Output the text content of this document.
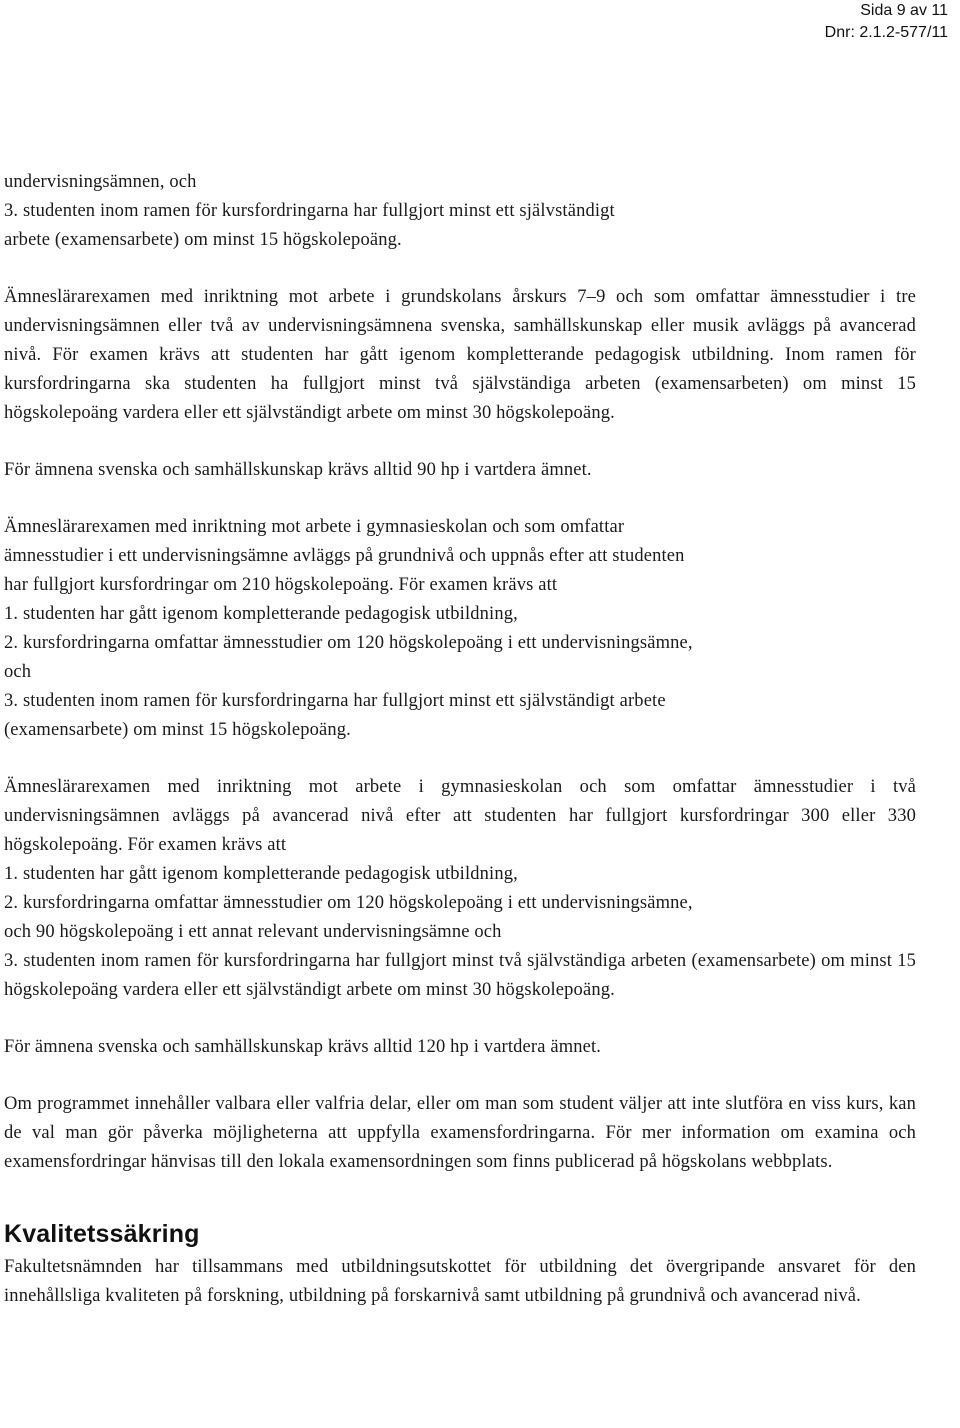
Sida 9 av 11
Dnr: 2.1.2-577/11

undervisningsämnen, och
3. studenten inom ramen för kursfordringarna har fullgjort minst ett självständigt
arbete (examensarbete) om minst 15 högskolepoäng.

Ämneslärarexamen med inriktning mot arbete i grundskolans årskurs 7–9 och som omfattar ämnesstudier i tre undervisningsämnen eller två av undervisningsämnena svenska, samhällskunskap eller musik avläggs på avancerad nivå. För examen krävs att studenten har gått igenom kompletterande pedagogisk utbildning. Inom ramen för kursfordringarna ska studenten ha fullgjort minst två självständiga arbeten (examensarbeten) om minst 15 högskolepoäng vardera eller ett självständigt arbete om minst 30 högskolepoäng.

För ämnena svenska och samhällskunskap krävs alltid 90 hp i vartdera ämnet.

Ämneslärarexamen med inriktning mot arbete i gymnasieskolan och som omfattar
ämnesstudier i ett undervisningsämne avläggs på grundnivå och uppnås efter att studenten
har fullgjort kursfordringar om 210 högskolepoäng. För examen krävs att
1. studenten har gått igenom kompletterande pedagogisk utbildning,
2. kursfordringarna omfattar ämnesstudier om 120 högskolepoäng i ett undervisningsämne,
och
3. studenten inom ramen för kursfordringarna har fullgjort minst ett självständigt arbete
(examensarbete) om minst 15 högskolepoäng.

Ämneslärarexamen med inriktning mot arbete i gymnasieskolan och som omfattar ämnesstudier i två undervisningsämnen avläggs på avancerad nivå efter att studenten har fullgjort kursfordringar 300 eller 330 högskolepoäng. För examen krävs att

1. studenten har gått igenom kompletterande pedagogisk utbildning,
2. kursfordringarna omfattar ämnesstudier om 120 högskolepoäng i ett undervisningsämne,
och 90 högskolepoäng i ett annat relevant undervisningsämne och

3. studenten inom ramen för kursfordringarna har fullgjort minst två självständiga arbeten (examensarbete) om minst 15 högskolepoäng vardera eller ett självständigt arbete om minst 30 högskolepoäng.

För ämnena svenska och samhällskunskap krävs alltid 120 hp i vartdera ämnet.

Om programmet innehåller valbara eller valfria delar, eller om man som student väljer att inte slutföra en viss kurs, kan de val man gör påverka möjligheterna att uppfylla examensfordringarna. För mer information om examina och examensfordringar hänvisas till den lokala examensordningen som finns publicerad på högskolans webbplats.

Kvalitetssäkring

Fakultetsnämnden har tillsammans med utbildningsutskottet för utbildning det övergripande ansvaret för den innehållsliga kvaliteten på forskning, utbildning på forskarnivå samt utbildning på grundnivå och avancerad nivå.
